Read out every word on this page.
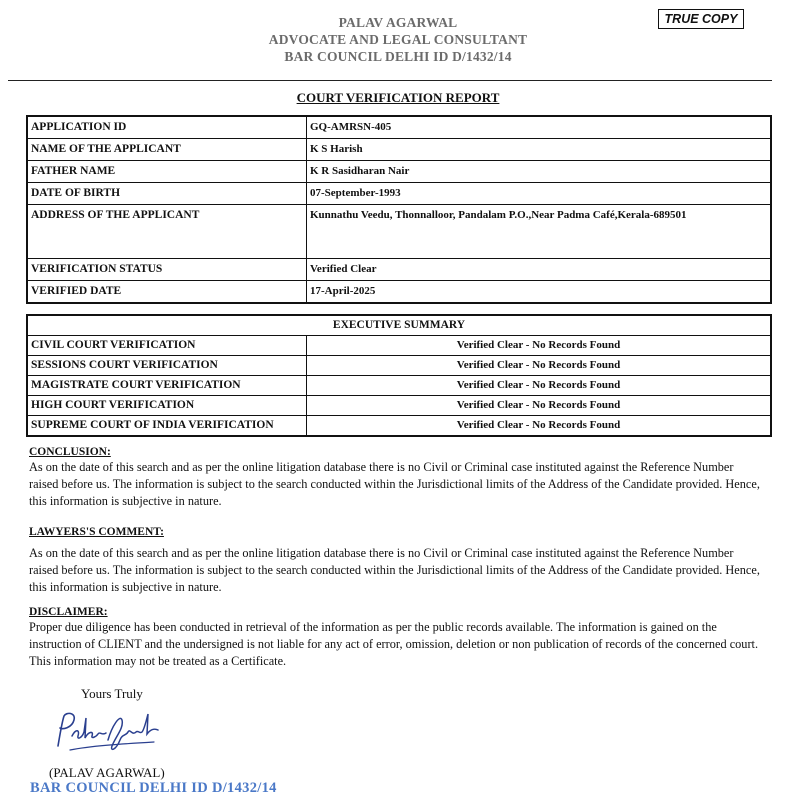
PALAV AGARWAL
ADVOCATE AND LEGAL CONSULTANT
BAR COUNCIL DELHI ID D/1432/14
TRUE COPY
COURT VERIFICATION REPORT
APPLICATION ID	GQ-AMRSN-405
NAME OF THE APPLICANT	K S Harish
FATHER NAME	K R Sasidharan Nair
DATE OF BIRTH	07-September-1993
ADDRESS OF THE APPLICANT	Kunnathu Veedu, Thonnalloor, Pandalam P.O.,Near Padma Café,Kerala-689501
VERIFICATION STATUS	Verified Clear
VERIFIED DATE	17-April-2025
EXECUTIVE SUMMARY	
CIVIL COURT VERIFICATION	Verified Clear - No Records Found
SESSIONS COURT VERIFICATION	Verified Clear - No Records Found
MAGISTRATE COURT VERIFICATION	Verified Clear - No Records Found
HIGH COURT VERIFICATION	Verified Clear - No Records Found
SUPREME COURT OF INDIA VERIFICATION	Verified Clear - No Records Found
CONCLUSION:

As on the date of this search and as per the online litigation database there is no Civil or Criminal case instituted against the Reference Number raised before us. The information is subject to the search conducted within the Jurisdictional limits of the Address of the Candidate provided. Hence, this information is subjective in nature.

LAWYERS'S COMMENT:

As on the date of this search and as per the online litigation database there is no Civil or Criminal case instituted against the Reference Number raised before us. The information is subject to the search conducted within the Jurisdictional limits of the Address of the Candidate provided. Hence, this information is subjective in nature.

DISCLAIMER:

Proper due diligence has been conducted in retrieval of the information as per the public records available. The information is gained on the instruction of CLIENT and the undersigned is not liable for any act of error, omission, deletion or non publication of records of the concerned court. This information may not be treated as a Certificate.

Yours Truly
(PALAV AGARWAL)
BAR COUNCIL DELHI ID D/1432/14
